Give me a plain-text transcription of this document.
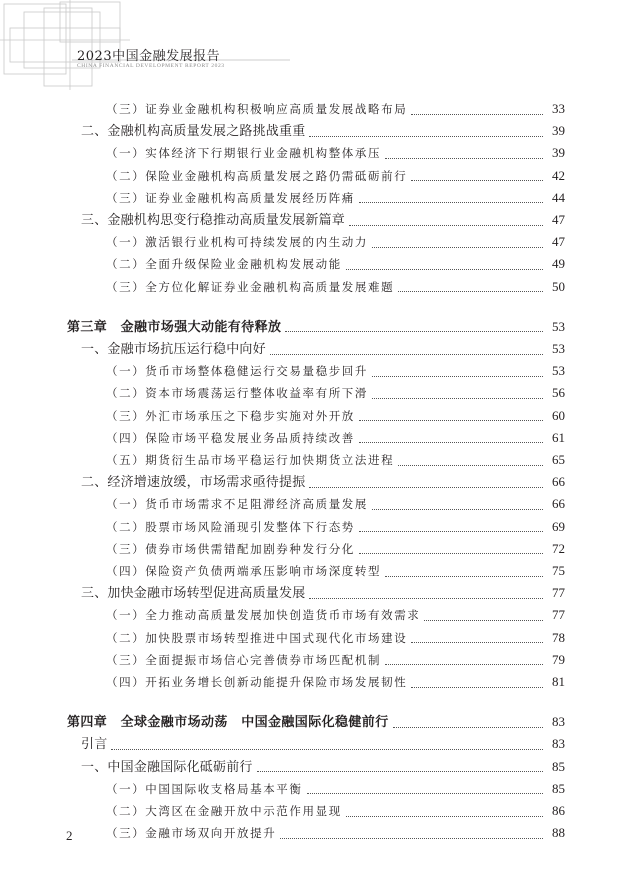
2023中国金融发展报告
CHINA FINANCIAL DEVELOPMENT REPORT 2023
（三）证券业金融机构积极响应高质量发展战略布局	33
二、金融机构高质量发展之路挑战重重	39
（一）实体经济下行期银行业金融机构整体承压	39
（二）保险业金融机构高质量发展之路仍需砥砺前行	42
（三）证券业金融机构高质量发展经历阵痛	44
三、金融机构思变行稳推动高质量发展新篇章	47
（一）激活银行业机构可持续发展的内生动力	47
（二）全面升级保险业金融机构发展动能	49
（三）全方位化解证券业金融机构高质量发展难题	50
第三章　金融市场强大动能有待释放	53
一、金融市场抗压运行稳中向好	53
（一）货币市场整体稳健运行交易量稳步回升	53
（二）资本市场震荡运行整体收益率有所下滑	56
（三）外汇市场承压之下稳步实施对外开放	60
（四）保险市场平稳发展业务品质持续改善	61
（五）期货衍生品市场平稳运行加快期货立法进程	65
二、经济增速放缓，市场需求亟待提振	66
（一）货币市场需求不足阻滞经济高质量发展	66
（二）股票市场风险涌现引发整体下行态势	69
（三）债券市场供需错配加剧券种发行分化	72
（四）保险资产负债两端承压影响市场深度转型	75
三、加快金融市场转型促进高质量发展	77
（一）全力推动高质量发展加快创造货币市场有效需求	77
（二）加快股票市场转型推进中国式现代化市场建设	78
（三）全面提振市场信心完善债券市场匹配机制	79
（四）开拓业务增长创新动能提升保险市场发展韧性	81
第四章　全球金融市场动荡　中国金融国际化稳健前行	83
引言	83
一、中国金融国际化砥砺前行	85
（一）中国国际收支格局基本平衡	85
（二）大湾区在金融开放中示范作用显现	86
（三）金融市场双向开放提升	88
2
